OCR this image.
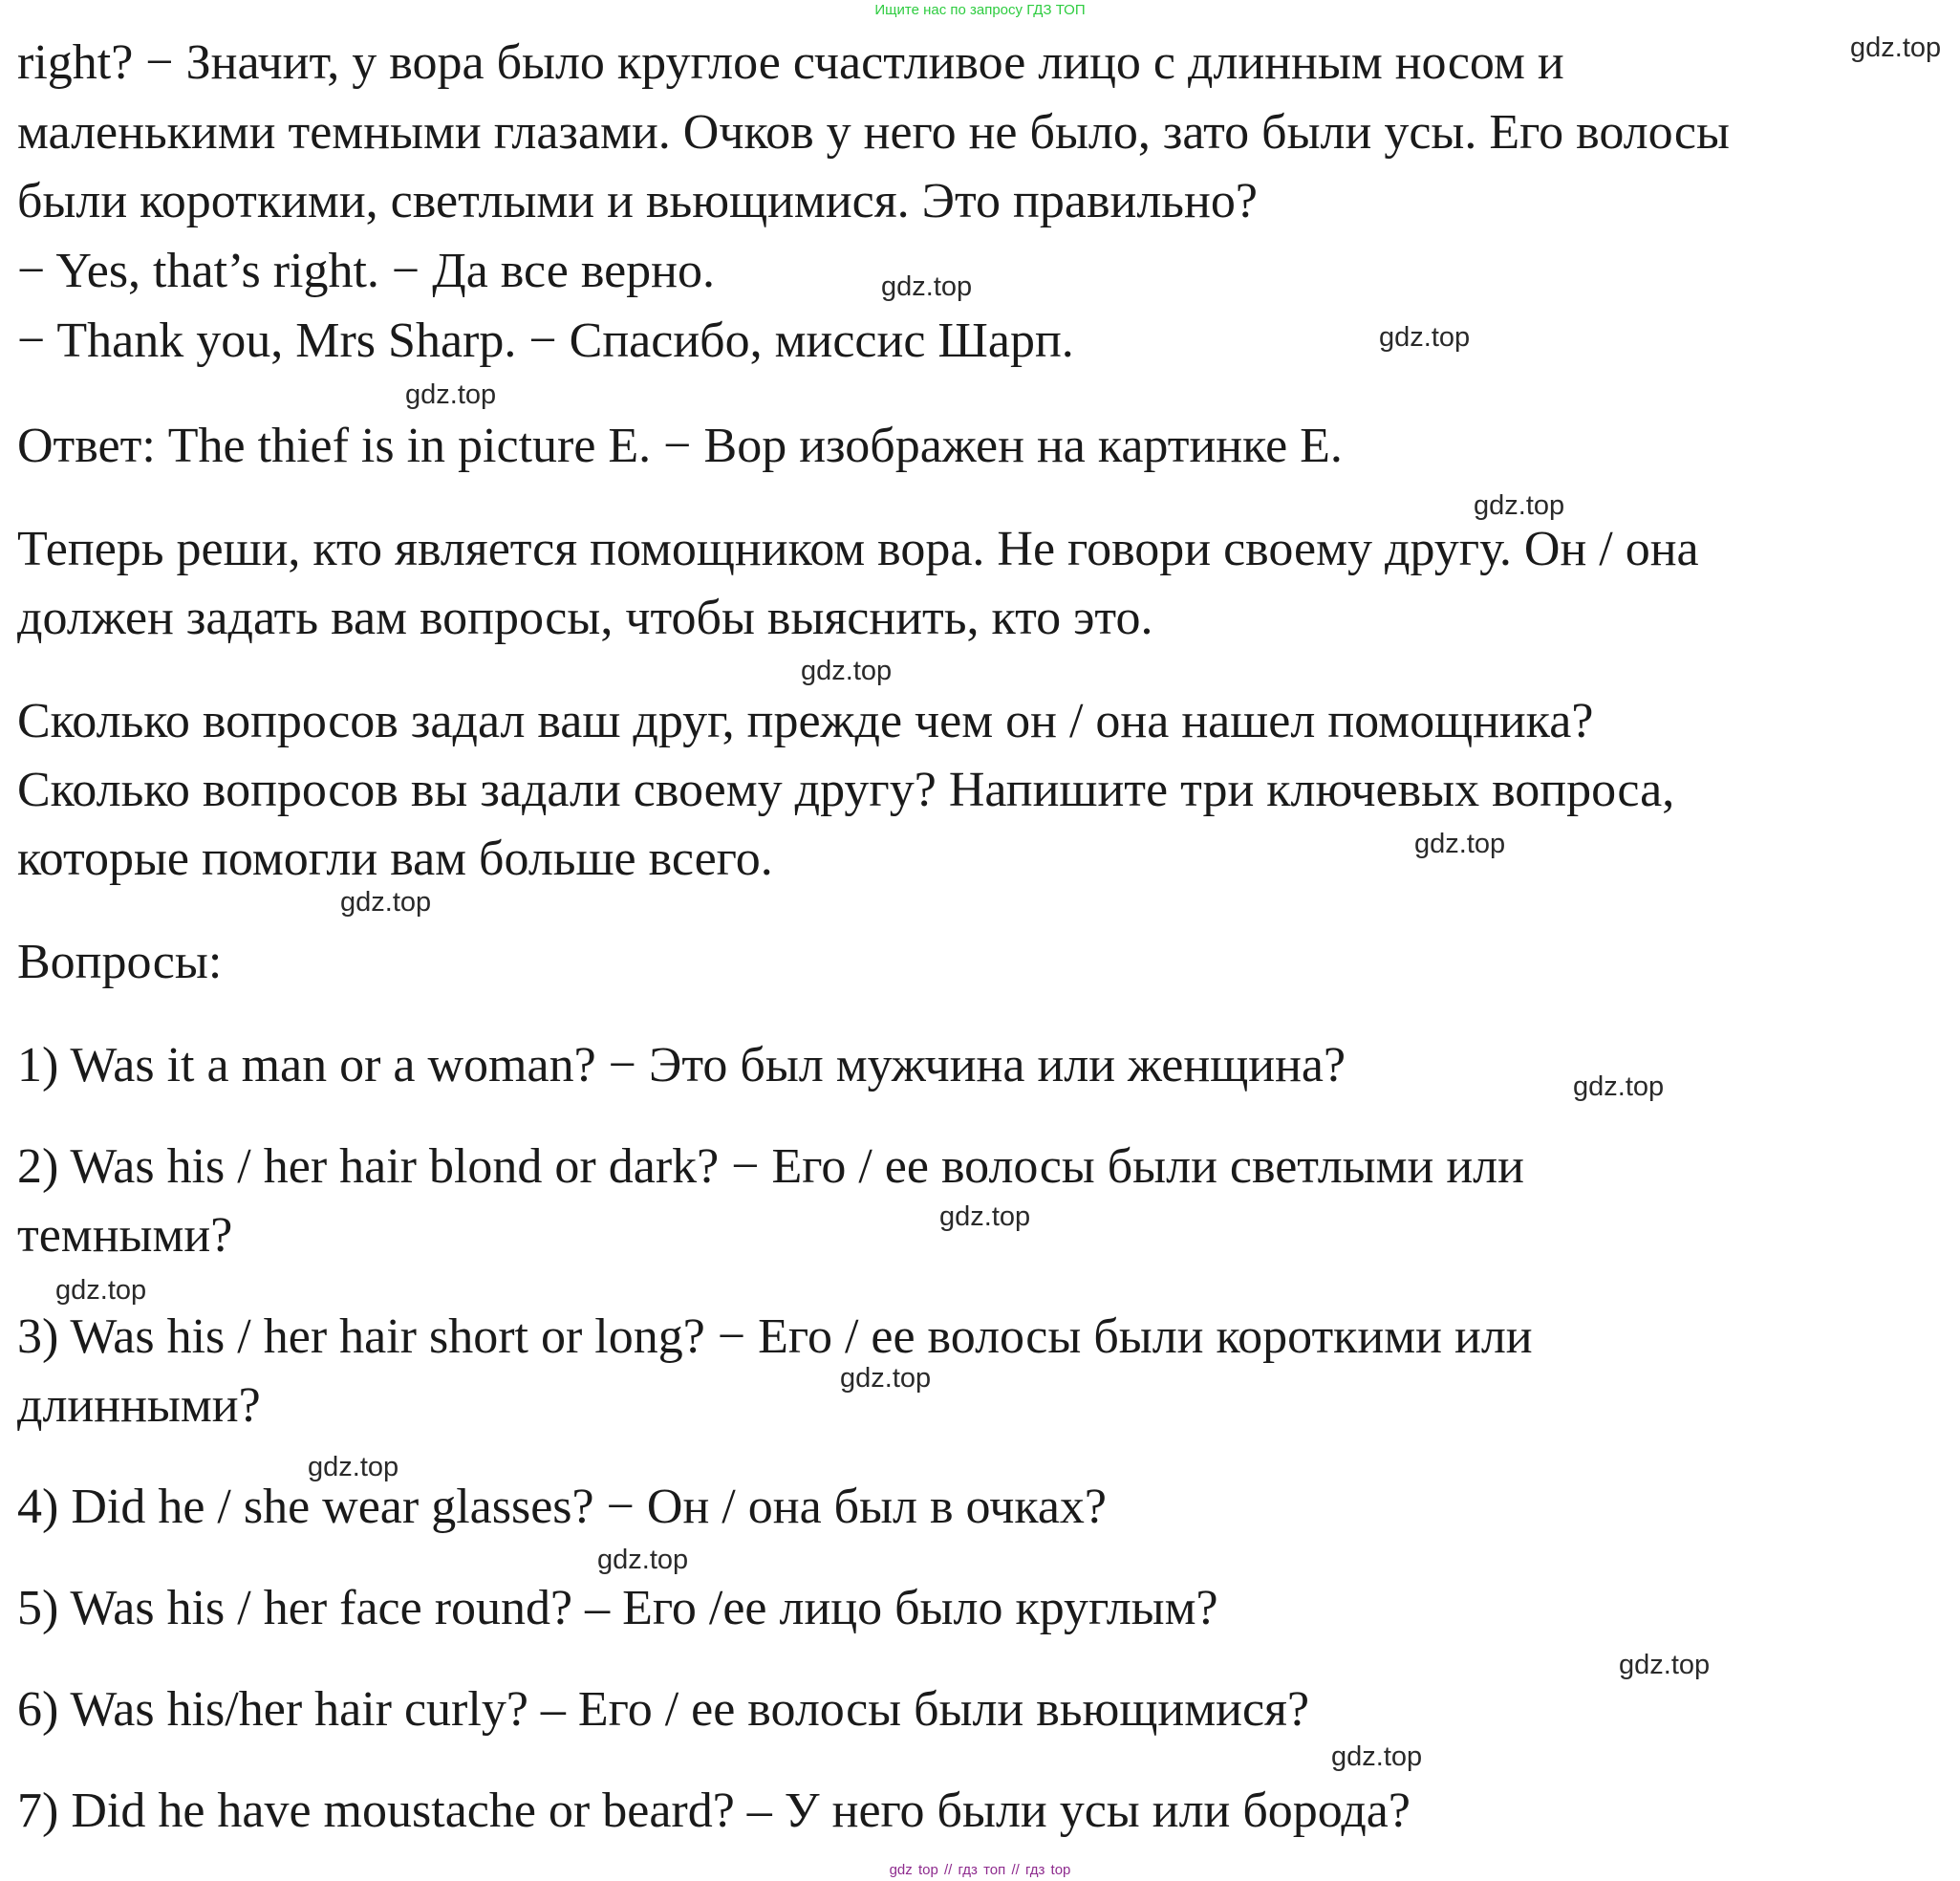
Ищите нас по запросу ГДЗ ТОП
right? − Значит, у вора было круглое счастливое лицо с длинным носом и
маленькими темными глазами. Очков у него не было, зато были усы. Его волосы
были короткими, светлыми и вьющимися. Это правильно?
− Yes, that’s right. − Да все верно.
− Thank you, Mrs Sharp. − Спасибо, миссис Шарп.
Ответ: The thief is in picture E. − Вор изображен на картинке E.
Теперь реши, кто является помощником вора. Не говори своему другу. Он / она
должен задать вам вопросы, чтобы выяснить, кто это.
Сколько вопросов задал ваш друг, прежде чем он / она нашел помощника?
Сколько вопросов вы задали своему другу? Напишите три ключевых вопроса,
которые помогли вам больше всего.
Вопросы:
1) Was it a man or a woman? − Это был мужчина или женщина?
2) Was his / her hair blond or dark? − Его / ее волосы были светлыми или
темными?
3) Was his / her hair short or long? − Его / ее волосы были короткими или
длинными?
4) Did he / she wear glasses? − Он / она был в очках?
5) Was his / her face round? – Его /ее лицо было круглым?
6) Was his/her hair curly? – Его / ее волосы были вьющимися?
7) Did he have moustache or beard? – У него были усы или борода?
gdz.top
gdz.top
gdz.top
gdz.top
gdz.top
gdz.top
gdz.top
gdz.top
gdz.top
gdz.top
gdz.top
gdz.top
gdz.top
gdz.top
gdz.top
gdz.top
gdz top // гдз топ // гдз top
